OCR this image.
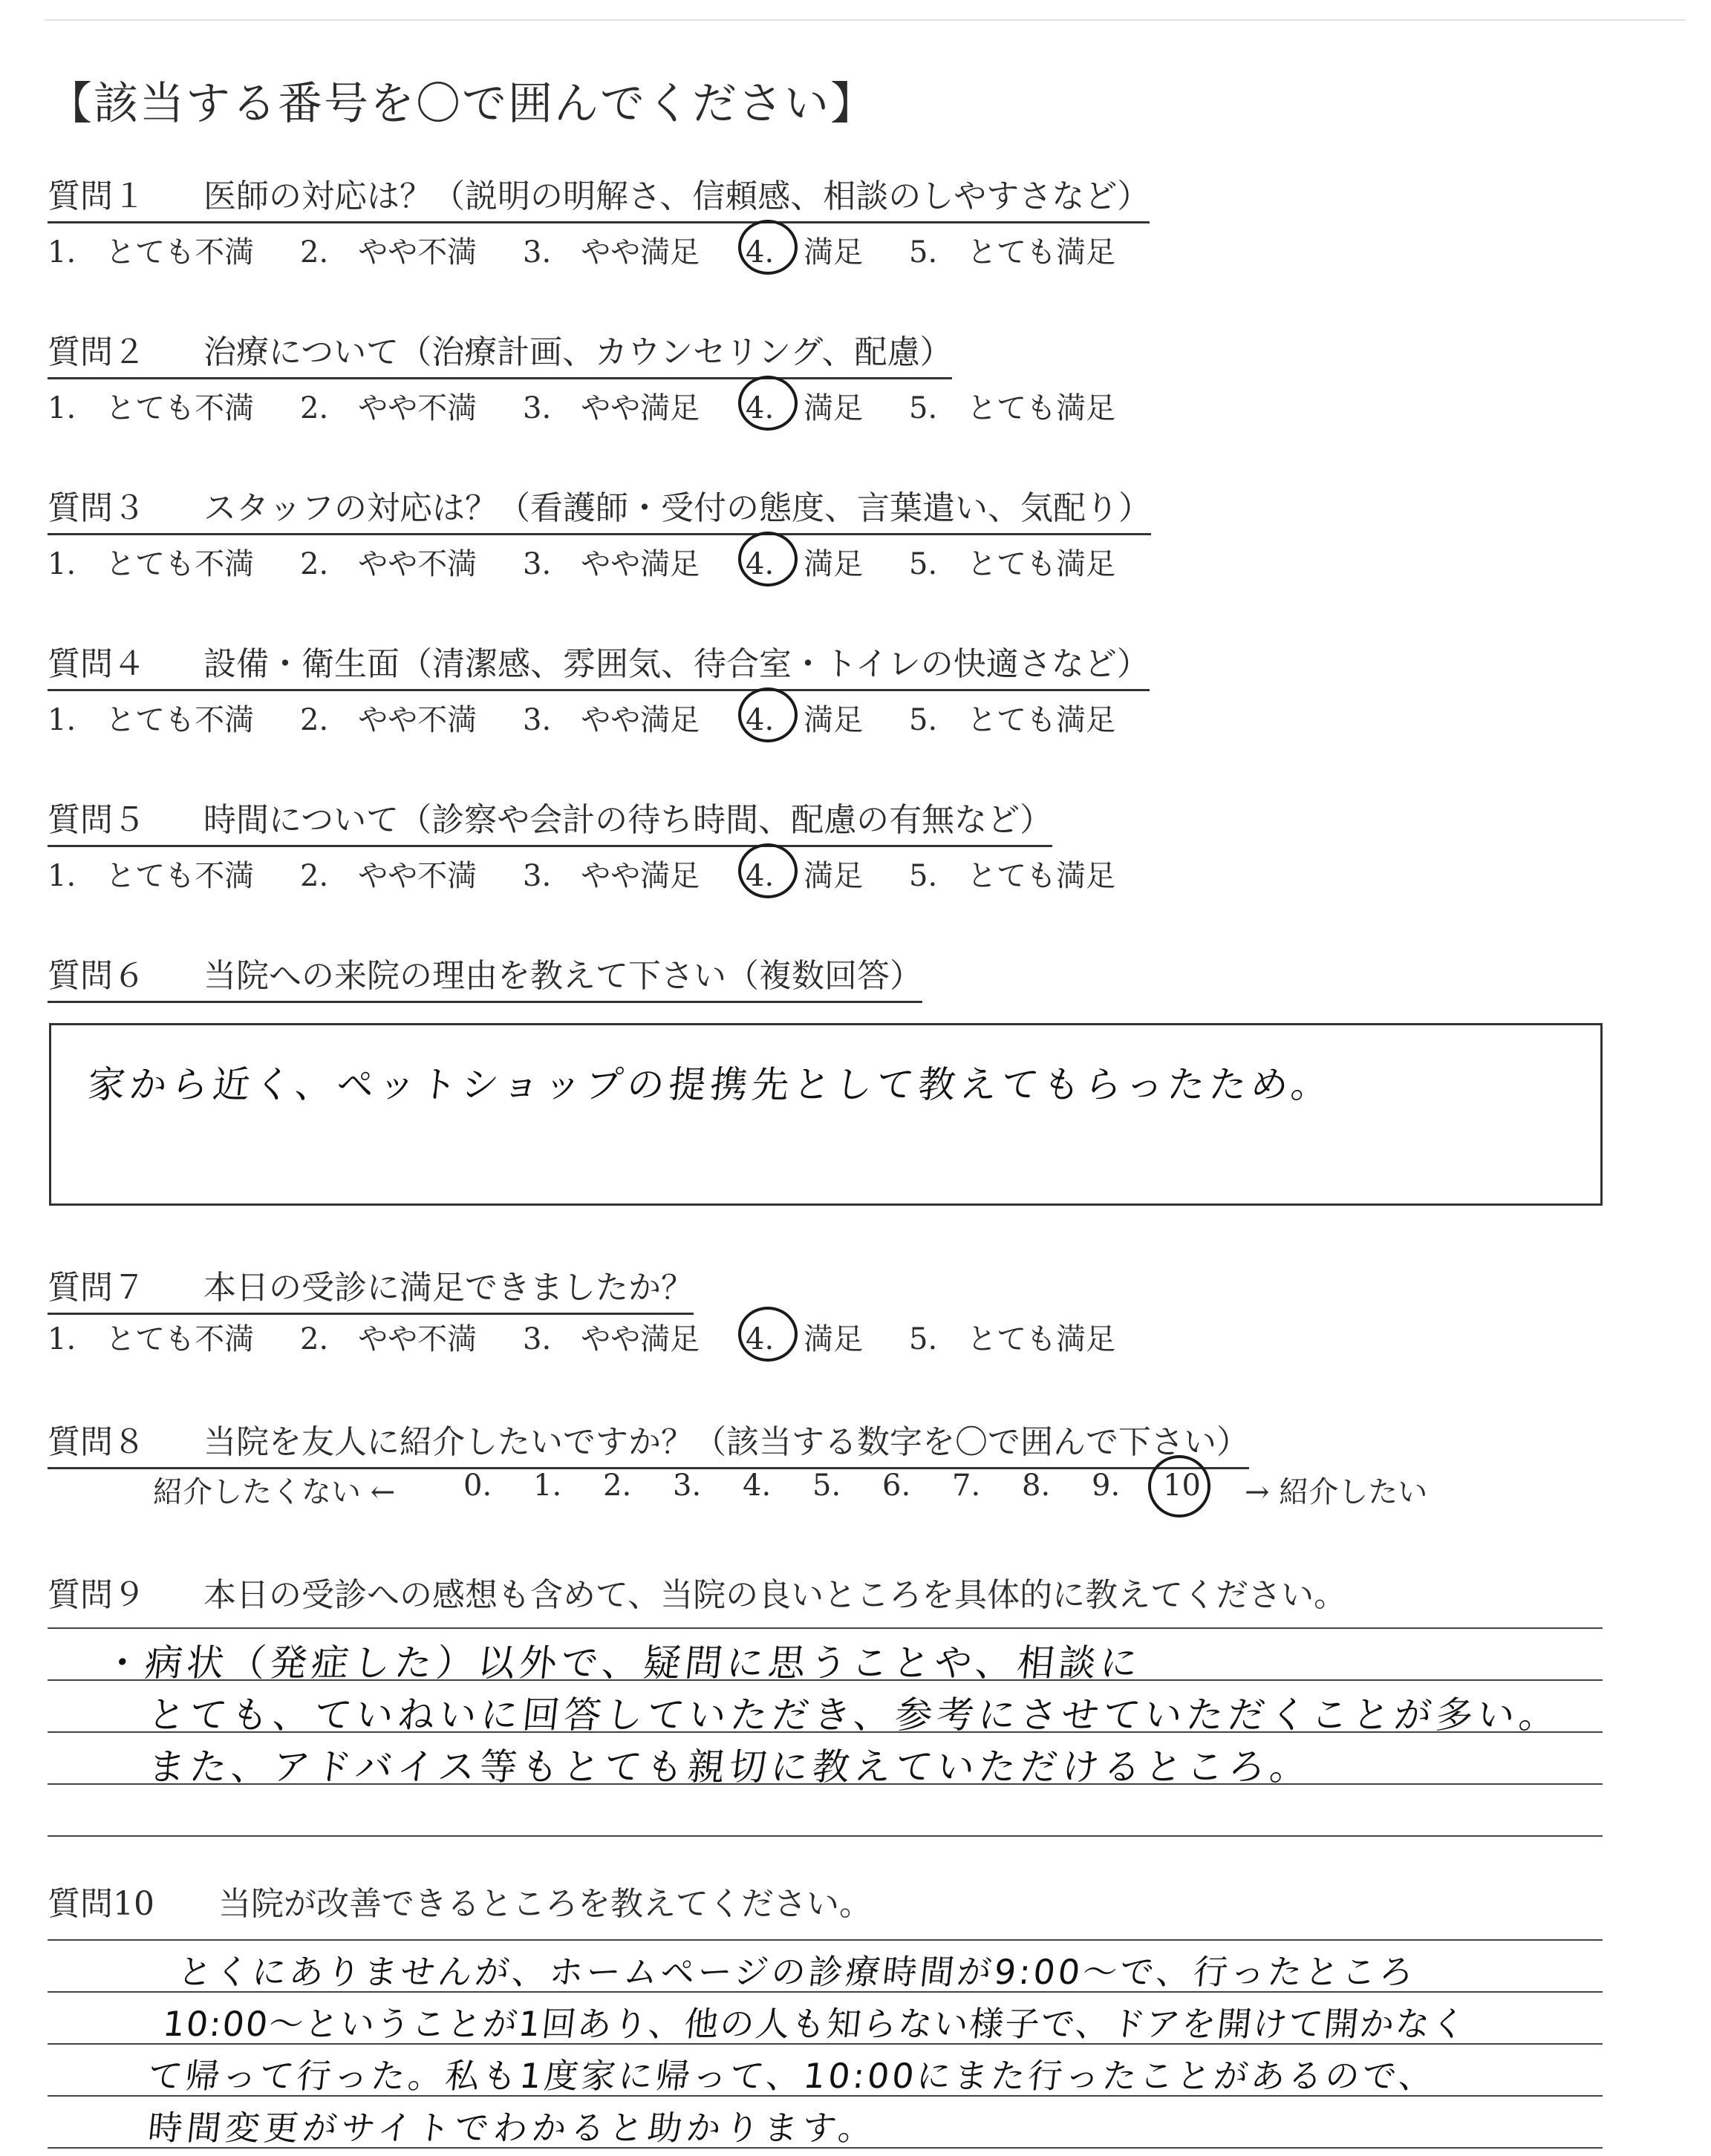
【該当する番号を〇で囲んでください】
質問１ 医師の対応は？（説明の明解さ、信頼感、相談のしやすさなど）
1.　とても不満 2.　やや不満 3.　やや満足 4.　満足 5.　とても満足
質問２ 治療について（治療計画、カウンセリング、配慮）
1.　とても不満 2.　やや不満 3.　やや満足 4.　満足 5.　とても満足
質問３ スタッフの対応は？（看護師・受付の態度、言葉遣い、気配り）
1.　とても不満 2.　やや不満 3.　やや満足 4.　満足 5.　とても満足
質問４ 設備・衛生面（清潔感、雰囲気、待合室・トイレの快適さなど）
1.　とても不満 2.　やや不満 3.　やや満足 4.　満足 5.　とても満足
質問５ 時間について（診察や会計の待ち時間、配慮の有無など）
1.　とても不満 2.　やや不満 3.　やや満足 4.　満足 5.　とても満足
質問６ 当院への来院の理由を教えて下さい（複数回答）
家から近く、ペットショップの提携先として教えてもらったため。
質問７ 本日の受診に満足できましたか？
1.　とても不満 2.　やや不満 3.　やや満足 4.　満足 5.　とても満足
質問８ 当院を友人に紹介したいですか？（該当する数字を〇で囲んで下さい）
紹介したくない ← 0. 1. 2. 3. 4. 5. 6. 7. 8. 9. 10 → 紹介したい
質問９ 本日の受診への感想も含めて、当院の良いところを具体的に教えてください。
・病状（発症した）以外で、疑問に思うことや、相談に
とても、ていねいに回答していただき、参考にさせていただくことが多い。
また、アドバイス等もとても親切に教えていただけるところ。
質問10 当院が改善できるところを教えてください。
とくにありませんが、ホームページの診療時間が9:00～で、行ったところ
10:00～ということが1回あり、他の人も知らない様子で、ドアを開けて開かなく
て帰って行った。私も1度家に帰って、10:00にまた行ったことがあるので、
時間変更がサイトでわかると助かります。
